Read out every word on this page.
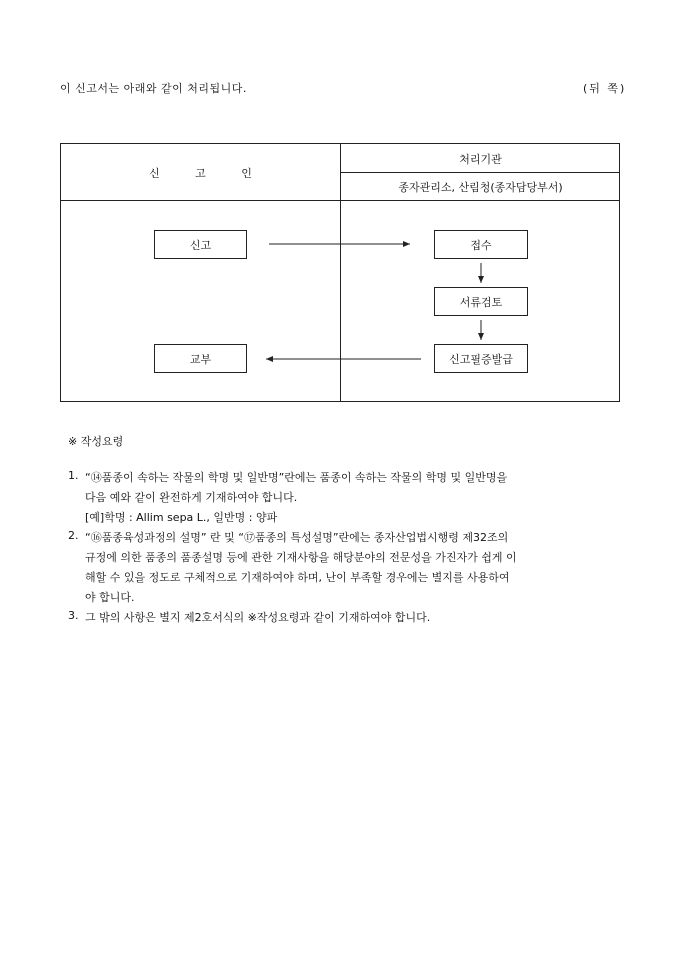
이 신고서는 아래와 같이 처리됩니다.	(뒤 쪽)
신 고 인
처리기관
종자관리소, 산림청(종자담당부서)
신고	접수
서류검토
신고필증발급
교부
※ 작성요령
1. “⑭품종이 속하는 작물의 학명 및 일반명”란에는 품종이 속하는 작물의 학명 및 일반명을
다음 예와 같이 완전하게 기재하여야 합니다.
[예]학명 : Allim sepa L., 일반명 : 양파
2. “⑯품종육성과정의 설명” 란 및 “⑰품종의 특성설명”란에는 종자산업법시행령 제32조의
규정에 의한 품종의 품종설명 등에 관한 기재사항을 해당분야의 전문성을 가진자가 쉽게 이
해할 수 있을 정도로 구체적으로 기재하여야 하며, 난이 부족할 경우에는 별지를 사용하여
야 합니다.
3. 그 밖의 사항은 별지 제2호서식의 ※작성요령과 같이 기재하여야 합니다.
